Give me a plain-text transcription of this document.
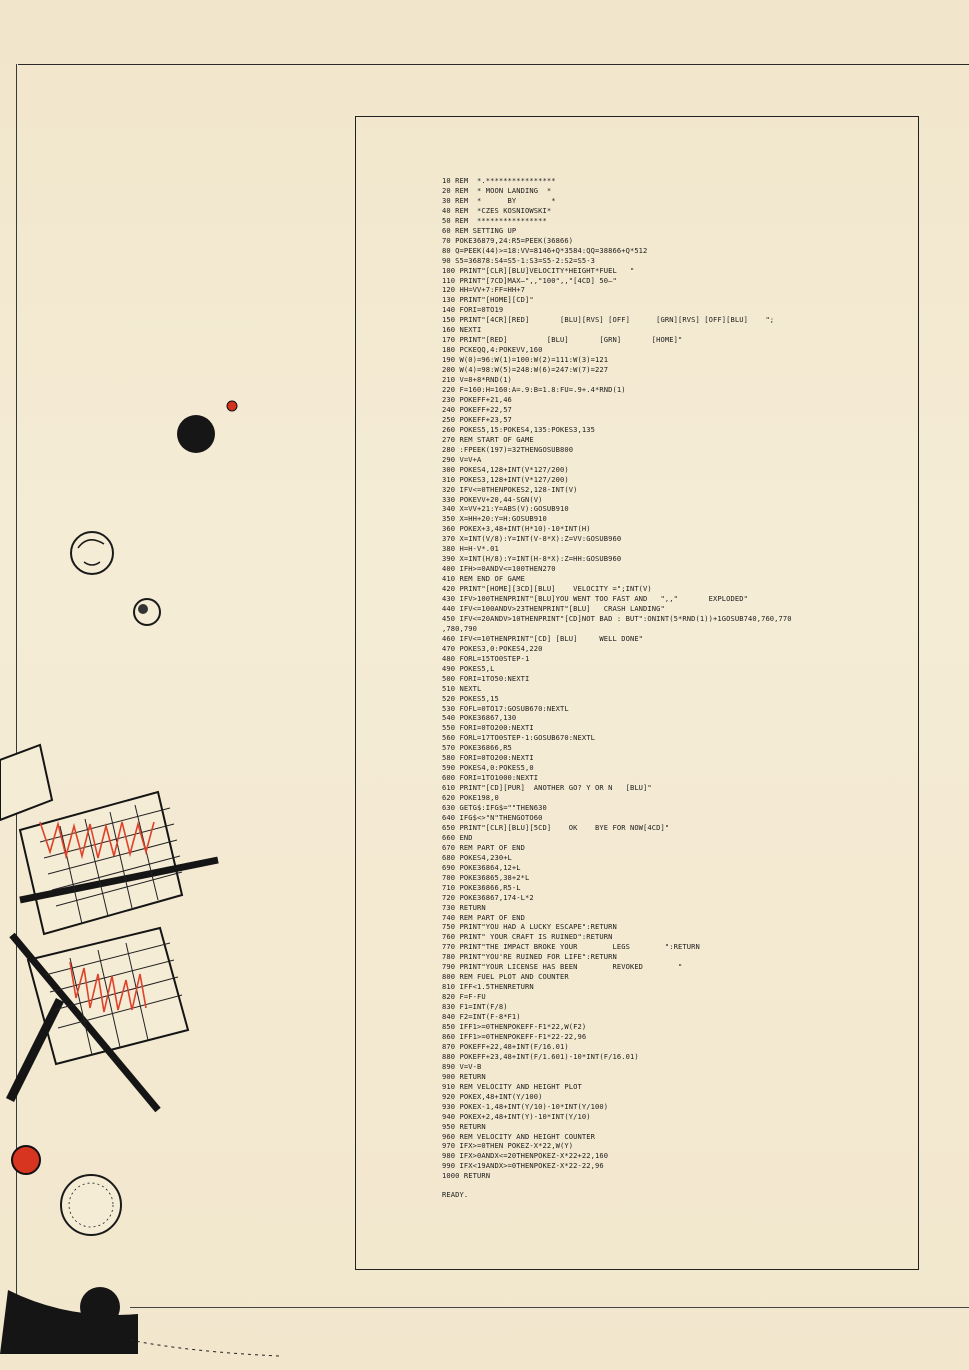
10 REM  *.****************
20 REM  * MOON LANDING  *
30 REM  *      BY        *
40 REM  *CZES KOSNIOWSKI*
50 REM  ****************
60 REM SETTING UP
70 POKE36879,24:R5=PEEK(36866)
80 Q=PEEK(44)>=18:VV=8146+Q*3584:QQ=38866+Q*512
90 S5=36878:S4=S5-1:S3=S5-2:S2=S5-3
100 PRINT"[CLR][BLU]VELOCITY*HEIGHT*FUEL   "
110 PRINT"[7CD]MAX—",,"100",,"[4CD] 50—"
120 HH=VV+7:FF=HH+7
130 PRINT"[HOME][CD]"
140 FORI=0TO19
150 PRINT"[4CR][RED]       [BLU][RVS] [OFF]      [GRN][RVS] [OFF][BLU]    ";
160 NEXTI
170 PRINT"[RED]         [BLU]       [GRN]       [HOME]"
180 PCKEQQ,4:POKEVV,160
190 W(0)=96:W(1)=100:W(2)=111:W(3)=121
200 W(4)=98:W(5)=248:W(6)=247:W(7)=227
210 V=8+8*RND(1)
220 F=160:H=160:A=.9:B=1.8:FU=.9+.4*RND(1)
230 POKEFF+21,46
240 POKEFF+22,57
250 POKEFF+23,57
260 POKES5,15:POKES4,135:POKES3,135
270 REM START OF GAME
280 :FPEEK(197)=32THENGOSUB800
290 V=V+A
300 POKES4,128+INT(V*127/200)
310 POKES3,128+INT(V*127/200)
320 IFV<=0THENPOKES2,128-INT(V)
330 POKEVV+20,44-SGN(V)
340 X=VV+21:Y=ABS(V):GOSUB910
350 X=HH+20:Y=H:GOSUB910
360 POKEX+3,48+INT(H*10)-10*INT(H)
370 X=INT(V/8):Y=INT(V-8*X):Z=VV:GOSUB960
380 H=H-V*.01
390 X=INT(H/8):Y=INT(H-8*X):Z=HH:GOSUB960
400 IFH>=0ANDV<=100THEN270
410 REM END OF GAME
420 PRINT"[HOME][3CD][BLU]    VELOCITY =";INT(V)
430 IFV>100THENPRINT"[BLU]YOU WENT TOO FAST AND   ",,"       EXPLODED"
440 IFV<=100ANDV>23THENPRINT"[BLU]   CRASH LANDING"
450 IFV<=20ANDV>10THENPRINT"[CD]NOT BAD : BUT":ONINT(5*RND(1))+1GOSUB740,760,770
,780,790
460 IFV<=10THENPRINT"[CD] [BLU]     WELL DONE"
470 POKES3,0:POKES4,220
480 FORL=15TO0STEP-1
490 POKES5,L
500 FORI=1TO50:NEXTI
510 NEXTL
520 POKES5,15
530 FOFL=0TO17:GOSUB670:NEXTL
540 POKE36867,130
550 FORI=0TO200:NEXTI
560 FORL=17TO0STEP-1:GOSUB670:NEXTL
570 POKE36866,R5
580 FORI=0TO200:NEXTI
590 POKES4,0:POKES5,0
600 FORI=1TO1000:NEXTI
610 PRINT"[CD][PUR]  ANOTHER GO? Y OR N   [BLU]"
620 POKE198,0
630 GETG$:IFG$=""THEN630
640 IFG$<>"N"THENGOTO60
650 PRINT"[CLR][BLU][5CD]    OK    BYE FOR NOW[4CD]"
660 END
670 REM PART OF END
680 POKES4,230+L
690 POKE36864,12+L
700 POKE36865,38+2*L
710 POKE36866,R5-L
720 POKE36867,174-L*2
730 RETURN
740 REM PART OF END
750 PRINT"YOU HAD A LUCKY ESCAPE":RETURN
760 PRINT" YOUR CRAFT IS RUINED":RETURN
770 PRINT"THE IMPACT BROKE YOUR        LEGS        ":RETURN
780 PRINT"YOU'RE RUINED FOR LIFE":RETURN
790 PRINT"YOUR LICENSE HAS BEEN        REVOKED        "
800 REM FUEL PLOT AND COUNTER
810 IFF<1.5THENRETURN
820 F=F-FU
830 F1=INT(F/8)
840 F2=INT(F-8*F1)
850 IFF1>=0THENPOKEFF-F1*22,W(F2)
860 IFF1>=0THENPOKEFF-F1*22-22,96
870 POKEFF+22,48+INT(F/16.01)
880 POKEFF+23,48+INT(F/1.601)-10*INT(F/16.01)
890 V=V-B
900 RETURN
910 REM VELOCITY AND HEIGHT PLOT
920 POKEX,48+INT(Y/100)
930 POKEX-1,48+INT(Y/10)-10*INT(Y/100)
940 POKEX+2,48+INT(Y)-10*INT(Y/10)
950 RETURN
960 REM VELOCITY AND HEIGHT COUNTER
970 IFX>=0THEN POKEZ-X*22,W(Y)
980 IFX>0ANDX<=20THENPOKEZ-X*22+22,160
990 IFX<19ANDX>=0THENPOKEZ-X*22-22,96
1000 RETURN
READY.
